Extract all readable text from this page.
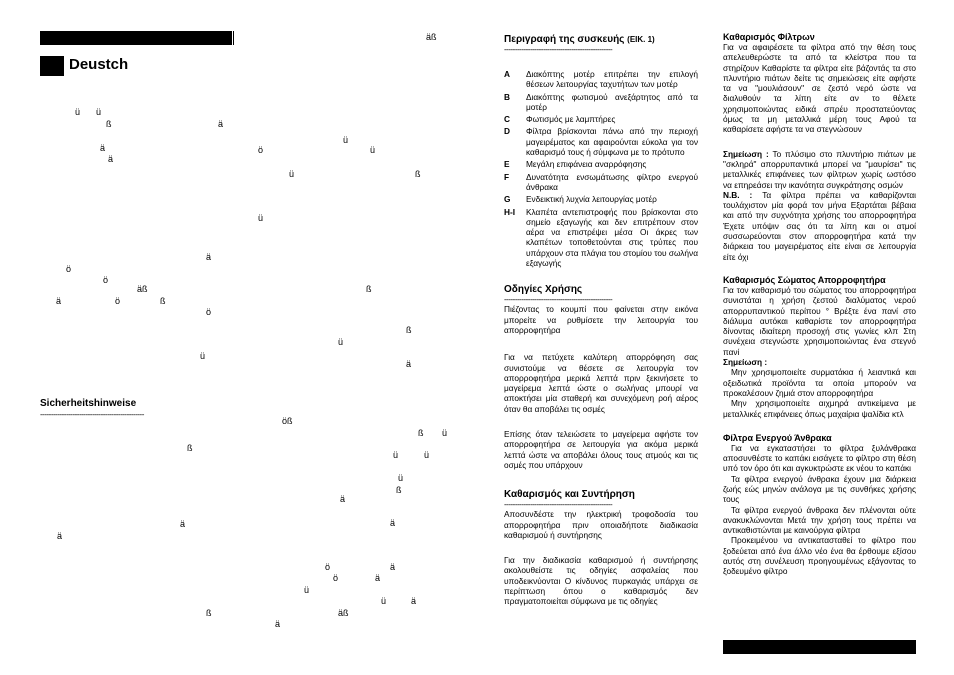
äß
Deustch
ü ü
ß	ä
ü
ä	ö	ü
ä
ü	ß
ü
ä
ö
ö
äß	ß
ä	ö	ß
ö
ß
ü
ü
ä
öß
ß ü
ß
ü	ü
ü
ß
ä
ä	ä
ä
ö	ä
ö	ä
ü
ü	ä
ß	äß
ä
Sicherheitshinweise
------------------------------------------------
Περιγραφή της συσκευής (ΕΙΚ. 1)
--------------------------------------------------
A	Διακόπτης μοτέρ επιτρέπει την επιλογή θέσεων λειτουργίας ταχυτήτων των μοτέρ
B	Διακόπτης φωτισμού ανεξάρτητος από τα μοτέρ
C	Φωτισμός με λαμπτήρες
D	Φίλτρα βρίσκονται πάνω από την περιοχή μαγειρέματος και αφαιρούνται εύκολα για τον καθαρισμό τους ή σύμφωνα με το πρότυπο
E	Μεγάλη επιφάνεια αναρρόφησης
F	Δυνατότητα ενσωμάτωσης φίλτρο ενεργού άνθρακα
G	Ενδεικτική λυχνία λειτουργίας μοτέρ
H-I	Κλαπέτα αντεπιστροφής που βρίσκονται στο σημείο εξαγωγής και δεν επιτρέπουν στον αέρα να επιστρέψει μέσα Οι άκρες των κλαπέτων τοποθετούνται στις τρύπες που υπάρχουν στα πλάγια του στομίου του σωλήνα εξαγωγής
Οδηγίες Χρήσης
--------------------------------------------------
Πιέζοντας το κουμπί που φαίνεται στην εικόνα μπορείτε να ρυθμίσετε την λειτουργία του απορροφητήρα
Για να πετύχετε καλύτερη απορρόφηση σας συνιστούμε να θέσετε σε λειτουργία τον απορροφητήρα μερικά λεπτά πριν ξεκινήσετε το μαγείρεμα λεπτά ώστε ο σωλήνας μπουρί να αποκτήσει μία σταθερή και συνεχόμενη ροή αέρος όταν θα αποβάλει τις οσμές
Επίσης όταν τελειώσετε το μαγείρεμα αφήστε τον απορροφητήρα σε λειτουργία για ακόμα μερικά λεπτά ώστε να αποβάλει όλους τους ατμούς και τις οσμές που υπάρχουν
Καθαρισμός και Συντήρηση
--------------------------------------------------
Αποσυνδέστε την ηλεκτρική τροφοδοσία του απορροφητήρα πριν οποιαδήποτε διαδικασία καθαρισμού ή συντήρησης
Για την διαδικασία καθαρισμού ή συντήρησης ακολουθείστε τις οδηγίες ασφαλείας που υποδεικνύονται Ο κίνδυνος πυρκαγιάς υπάρχει σε περίπτωση όπου ο καθαρισμός δεν πραγματοποιείται σύμφωνα με τις οδηγίες
Καθαρισμός Φίλτρων
Για να αφαιρέσετε τα φίλτρα από την θέση τους απελευθερώστε τα από τα κλείστρα που τα στηρίζουν Καθαρίστε τα φίλτρα είτε βάζοντάς τα στο πλυντήριο πιάτων δείτε τις σημειώσεις είτε αφήστε τα να "μουλιάσουν" σε ζεστό νερό ώστε να διαλυθούν τα λίπη είτε αν το θέλετε χρησιμοποιώντας ειδικά σπρέυ προστατεύοντας όμως τα μη μεταλλικά μέρη τους Αφού τα καθαρίσετε αφήστε τα να στεγνώσουν
Σημείωση : Το πλύσιμο στο πλυντήριο πιάτων με "σκληρά" απορρυπαντικά μπορεί να "μαυρίσει" τις μεταλλικές επιφάνειες των φίλτρων χωρίς ωστόσο να επηρεάσει την ικανότητα συγκράτησης οσμών
N.B. : Τα φίλτρα πρέπει να καθαρίζονται τουλάχιστον μία φορά τον μήνα Εξαρτάται βέβαια και από την συχνότητα χρήσης του απορροφητήρα Έχετε υπόψιν σας ότι τα λίπη και οι ατμοί συσσωρεύονται στον απορροφητήρα κατά την διάρκεια του μαγειρέματος είτε είναι σε λειτουργία είτε όχι
Καθαρισμός Σώματος Απορροφητήρα
Για τον καθαρισμό του σώματος του απορροφητήρα συνιστάται η χρήση ζεστού διαλύματος νερού απορρυπαντικού περίπου ° Βρέξτε ένα πανί στο διάλυμα αυτόκαι καθαρίστε τον απορροφητήρα δίνοντας ιδιαίτερη προσοχή στις γωνίες κλπ Στη συνέχεια στεγνώστε χρησιμοποιώντας ένα στεγνό πανί
Σημείωση :
Μην χρησιμοποιείτε συρματάκια ή λειαντικά και οξειδωτικά προϊόντα τα οποία μπορούν να προκαλέσουν ζημιά στον απορροφητήρα
Μην χρησιμοποιείτε αιχμηρά αντικείμενα με μεταλλικές επιφάνειες όπως μαχαίρια ψαλίδια κτλ
Φίλτρα Ενεργού Άνθρακα
Για να εγκαταστήσει το φίλτρα ξυλάνθρακα αποσυνθέστε το καπάκι εισάγετε το φίλτρο στη θέση υπό τον όρο ότι και αγκυκτρώστε εκ νέου το καπάκι
Τα φίλτρα ενεργού άνθρακα έχουν μια διάρκεια ζωής εώς μηνών ανάλογα με τις συνθήκες χρήσης τους
Τα φίλτρα ενεργού άνθρακα δεν πλένονται ούτε ανακυκλώνονται Μετά την χρήση τους πρέπει να αντικαθιστώνται με καινούργια φίλτρα
Προκειμένου να αντικατασταθεί το φίλτρο που ξοδεύεται από ένα άλλο νέο ένα θα έρθουμε εξίσου αυτός στη συνέλευση προηγουμένως εξάγοντας το ξοδευμένο φίλτρο
